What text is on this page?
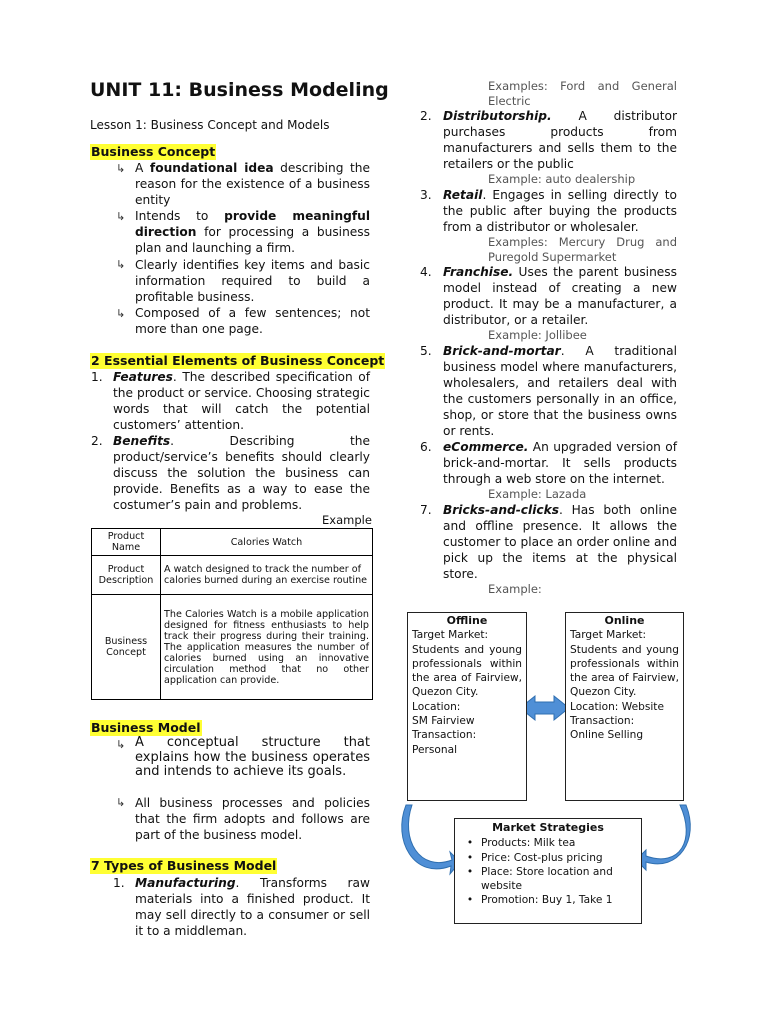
UNIT 11: Business Modeling
Lesson 1: Business Concept and Models
Business Concept
↳ A foundational idea describing the reason for the existence of a business entity
↳ Intends to provide meaningful direction for processing a business plan and launching a firm.
↳ Clearly identifies key items and basic information required to build a profitable business.
↳ Composed of a few sentences; not more than one page.
2 Essential Elements of Business Concept
1. Features. The described specification of the product or service. Choosing strategic words that will catch the potential customers’ attention.
2. Benefits. Describing the product/service’s benefits should clearly discuss the solution the business can provide. Benefits as a way to ease the costumer’s pain and problems.
Example
Product Name	Calories Watch
Product Description	A watch designed to track the number of calories burned during an exercise routine
Business Concept	The Calories Watch is a mobile application designed for fitness enthusiasts to help track their progress during their training. The application measures the number of calories burned using an innovative circulation method that no other application can provide.
Business Model
↳ A conceptual structure that explains how the business operates and intends to achieve its goals.
↳ All business processes and policies that the firm adopts and follows are part of the business model.
7 Types of Business Model
1. Manufacturing. Transforms raw materials into a finished product. It may sell directly to a consumer or sell it to a middleman.
Examples: Ford and General Electric
2. Distributorship. A distributor purchases products from manufacturers and sells them to the retailers or the public
Example: auto dealership
3. Retail. Engages in selling directly to the public after buying the products from a distributor or wholesaler.
Examples: Mercury Drug and Puregold Supermarket
4. Franchise. Uses the parent business model instead of creating a new product. It may be a manufacturer, a distributor, or a retailer.
Example: Jollibee
5. Brick-and-mortar. A traditional business model where manufacturers, wholesalers, and retailers deal with the customers personally in an office, shop, or store that the business owns or rents.
6. eCommerce. An upgraded version of brick-and-mortar. It sells products through a web store on the internet.
Example: Lazada
7. Bricks-and-clicks. Has both online and offline presence. It allows the customer to place an order online and pick up the items at the physical store.
Example:
Offline
Target Market:
Students and young professionals within the area of Fairview, Quezon City.
Location:
SM Fairview
Transaction:
Personal
Online
Target Market:
Students and young professionals within the area of Fairview, Quezon City.
Location: Website
Transaction:
Online Selling
Market Strategies
• Products: Milk tea
• Price: Cost-plus pricing
• Place: Store location and website
• Promotion: Buy 1, Take 1
